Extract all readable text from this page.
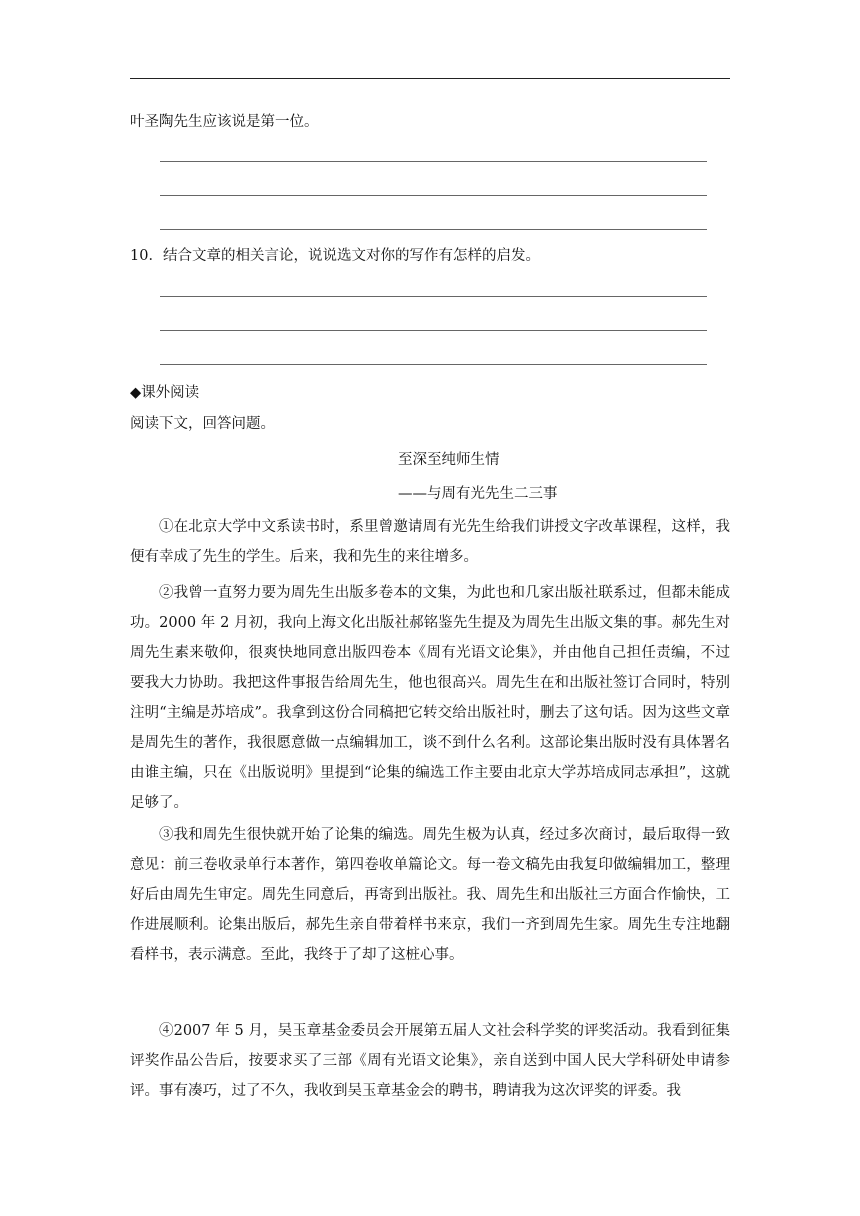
叶圣陶先生应该说是第一位。
10．结合文章的相关言论，说说选文对你的写作有怎样的启发。
◆课外阅读
阅读下文，回答问题。
至深至纯师生情
——与周有光先生二三事

①在北京大学中文系读书时，系里曾邀请周有光先生给我们讲授文字改革课程，这样，我便有幸成了先生的学生。后来，我和先生的来往增多。

②我曾一直努力要为周先生出版多卷本的文集，为此也和几家出版社联系过，但都未能成功。2000 年 2 月初，我向上海文化出版社郝铭鉴先生提及为周先生出版文集的事。郝先生对周先生素来敬仰，很爽快地同意出版四卷本《周有光语文论集》，并由他自己担任责编，不过要我大力协助。我把这件事报告给周先生，他也很高兴。周先生在和出版社签订合同时，特别注明“主编是苏培成”。我拿到这份合同稿把它转交给出版社时，删去了这句话。因为这些文章是周先生的著作，我很愿意做一点编辑加工，谈不到什么名利。这部论集出版时没有具体署名由谁主编，只在《出版说明》里提到“论集的编选工作主要由北京大学苏培成同志承担”，这就足够了。

③我和周先生很快就开始了论集的编选。周先生极为认真，经过多次商讨，最后取得一致意见：前三卷收录单行本著作，第四卷收单篇论文。每一卷文稿先由我复印做编辑加工，整理好后由周先生审定。周先生同意后，再寄到出版社。我、周先生和出版社三方面合作愉快，工作进展顺利。论集出版后，郝先生亲自带着样书来京，我们一齐到周先生家。周先生专注地翻看样书，表示满意。至此，我终于了却了这桩心事。

④2007 年 5 月，吴玉章基金委员会开展第五届人文社会科学奖的评奖活动。我看到征集评奖作品公告后，按要求买了三部《周有光语文论集》，亲自送到中国人民大学科研处申请参评。事有凑巧，过了不久，我收到吴玉章基金会的聘书，聘请我为这次评奖的评委。我
